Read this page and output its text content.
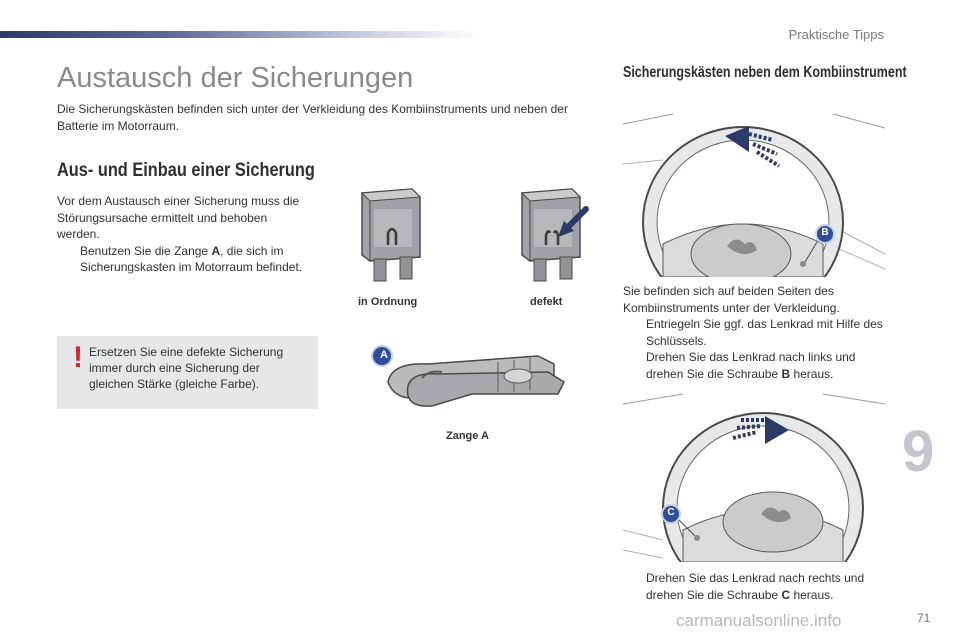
Praktische Tipps
Austausch der Sicherungen
Die Sicherungskästen befinden sich unter der Verkleidung des Kombiinstruments und neben der Batterie im Motorraum.
Aus- und Einbau einer Sicherung
Vor dem Austausch einer Sicherung muss die Störungsursache ermittelt und behoben werden.
Benutzen Sie die Zange A, die sich im Sicherungskasten im Motorraum befindet.
! Ersetzen Sie eine defekte Sicherung immer durch eine Sicherung der gleichen Stärke (gleiche Farbe).
in Ordnung	defekt
A
Zange A
Sicherungskästen neben dem Kombiinstrument
B
Sie befinden sich auf beiden Seiten des Kombiinstruments unter der Verkleidung.
Entriegeln Sie ggf. das Lenkrad mit Hilfe des Schlüssels.
Drehen Sie das Lenkrad nach links und drehen Sie die Schraube B heraus.
C
Drehen Sie das Lenkrad nach rechts und drehen Sie die Schraube C heraus.
9
carmanualsonline.info	71
